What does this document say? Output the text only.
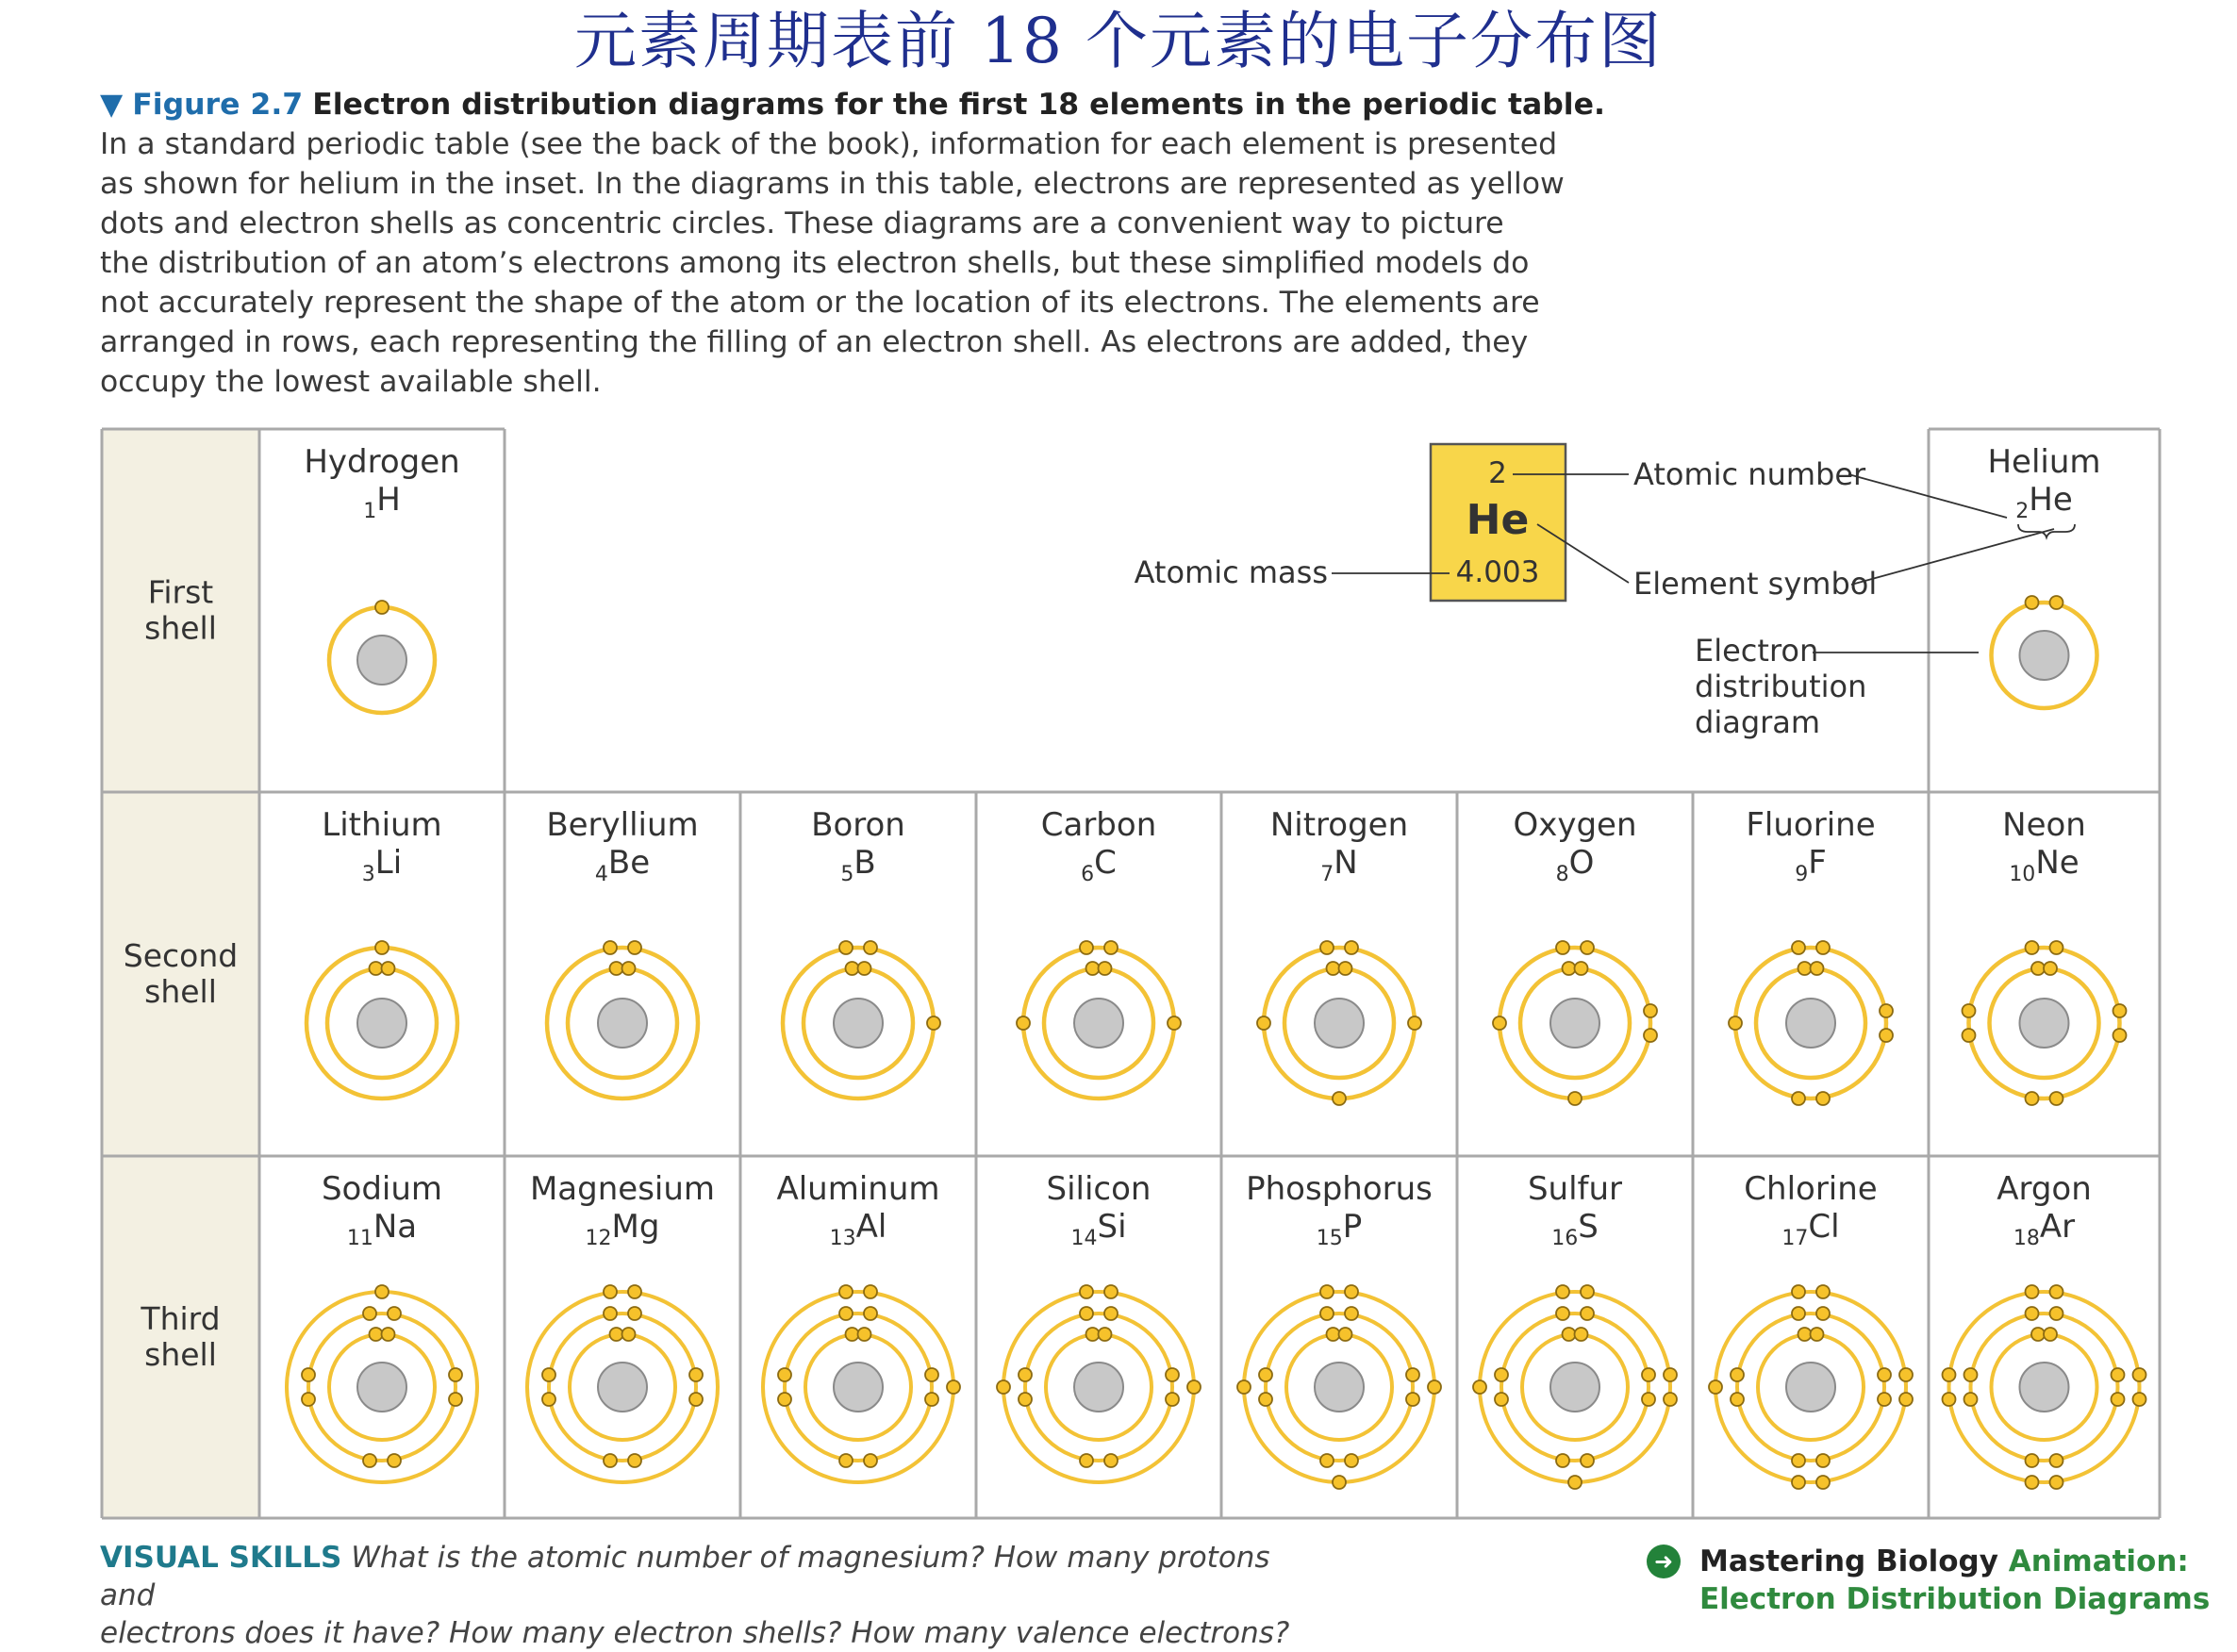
元素周期表前 18 个元素的电子分布图
▼ Figure 2.7 Electron distribution diagrams for the first 18 elements in the periodic table.
In a standard periodic table (see the back of the book), information for each element is presented
as shown for helium in the inset. In the diagrams in this table, electrons are represented as yellow
dots and electron shells as concentric circles. These diagrams are a convenient way to picture
the distribution of an atom’s electrons among its electron shells, but these simplified models do
not accurately represent the shape of the atom or the location of its electrons. The elements are
arranged in rows, each representing the filling of an electron shell. As electrons are added, they
occupy the lowest available shell.
First
shell
Second
shell
Third
shell
2
He
4.003
Atomic number
Atomic mass	Element symbol
Electron
distribution
diagram
Hydrogen
$_1$H
Helium
$_2$He
Lithium
$_3$Li
Beryllium
$_4$Be
Boron
$_5$B
Carbon
$_6$C
Nitrogen
$_7$N
Oxygen
$_8$O
Fluorine
$_9$F
Neon
$_{10}$Ne
Sodium
$_{11}$Na
Magnesium
$_{12}$Mg
Aluminum
$_{13}$Al
Silicon
$_{14}$Si
Phosphorus
$_{15}$P
Sulfur
$_{16}$S
Chlorine
$_{17}$Cl
Argon
$_{18}$Ar
VISUAL SKILLS What is the atomic number of magnesium? How many protons and
electrons does it have? How many electron shells? How many valence electrons?
➜ Mastering Biology Animation:
Electron Distribution Diagrams
